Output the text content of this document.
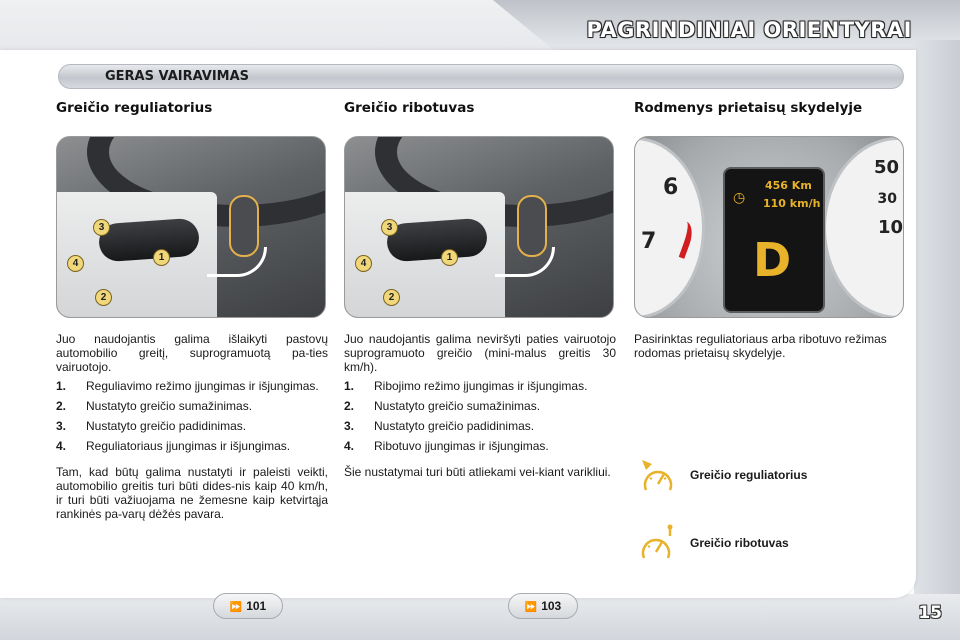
PAGRINDINIAI ORIENTYRAI
GERAS VAIRAVIMAS
Greičio reguliatorius
1
2
3
4

Juo naudojantis galima išlaikyti pastovų automobilio greitį, suprogramuotą pa-ties vairuotojo.

1. Reguliavimo režimo įjungimas ir išjungimas.
2. Nustatyto greičio sumažinimas.
3. Nustatyto greičio padidinimas.
4. Reguliatoriaus įjungimas ir išjungimas.

Tam, kad būtų galima nustatyti ir paleisti veikti, automobilio greitis turi būti dides-nis kaip 40 km/h, ir turi būti važiuojama ne žemesne kaip ketvirtąja rankinės pa-varų dėžės pavara.

Greičio ribotuvas
1
2
3
4

Juo naudojantis galima neviršyti paties vairuotojo suprogramuoto greičio (mini-malus greitis 30 km/h).

1. Ribojimo režimo įjungimas ir išjungimas.
2. Nustatyto greičio sumažinimas.
3. Nustatyto greičio padidinimas.
4. Ribotuvo įjungimas ir išjungimas.

Šie nustatymai turi būti atliekami vei-kiant varikliui.

Rodmenys prietaisų skydelyje
6
7
50
30
10
◷
456 Km
110 km/h
D

Pasirinktas reguliatoriaus arba ribotuvo režimas rodomas prietaisų skydelyje.

Greičio reguliatorius
Greičio ribotuvas
⏩ 101	⏩ 103	15
